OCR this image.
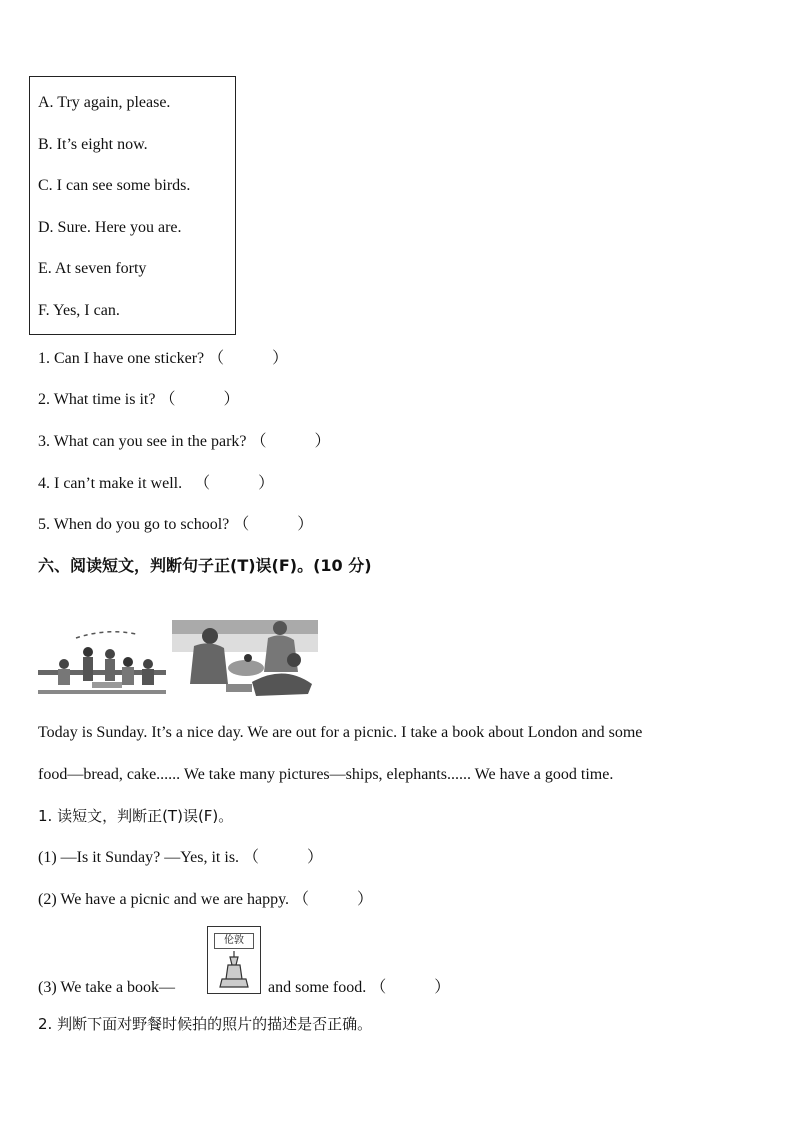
A. Try again, please.
B. It’s eight now.
C. I can see some birds.
D. Sure. Here you are.
E. At seven forty
F. Yes, I can.
1. Can I have one sticker? （　　　）
2. What time is it? （　　　）
3. What can you see in the park? （　　　）
4. I can’t make it well. 　（　　　）
5. When do you go to school? （　　　）
六、阅读短文，判断句子正(T)误(F)。(10 分)
Today is Sunday. It’s a nice day. We are out for a picnic. I take a book about London and some
food—bread, cake...... We take many pictures—ships, elephants...... We have a good time.
1. 读短文，判断正(T)误(F)。
(1) —Is it Sunday? —Yes, it is. （　　　）
(2) We have a picnic and we are happy. （　　　）
(3) We take a book—
伦敦
and some food. （　　　）
2. 判断下面对野餐时候拍的照片的描述是否正确。
